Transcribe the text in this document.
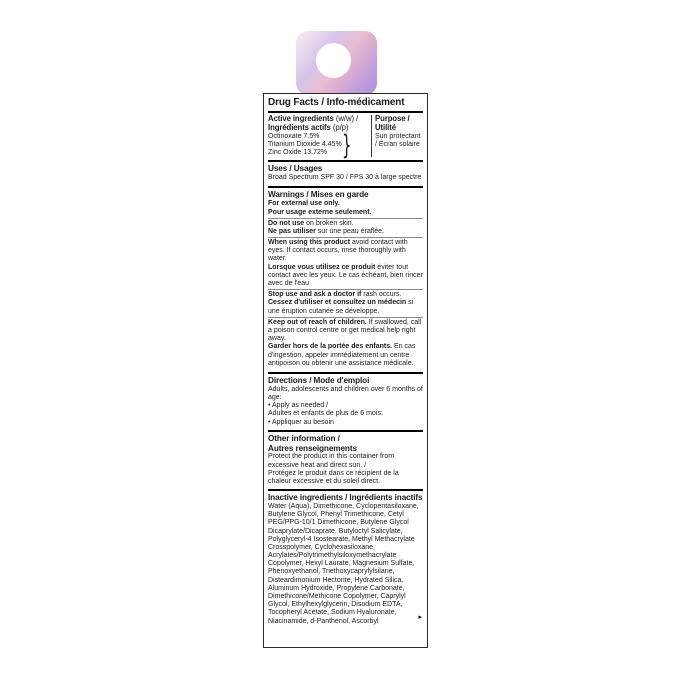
Drug Facts / Info-médicament

Active ingredients (w/w) /

Ingrédients actifs (p/p)

Octinoxate 7.5%

Titanium Dioxide 4.45%

Zinc Oxide 13.72% }

Purpose / Utilité

Sun protectant / Écran solaire

Uses / Usages

Broad Spectrum SPF 30 / FPS 30 à large spectre

Warnings / Mises en garde

For external use only.

Pour usage externe seulement.

Do not use on broken skin.

Ne pas utiliser sur une peau éraflée.

When using this product avoid contact with eyes. If contact occurs, rinse thoroughly with water.

Lorsque vous utilisez ce produit éviter tout contact avec les yeux. Le cas échéant, bien rincer avec de l'eau

Stop use and ask a doctor if rash occurs.

Cessez d'utiliser et consultez un médecin si une éruption cutanée se développe.

Keep out of reach of children. If swallowed, call a poison control centre or get medical help right away.

Garder hors de la portée des enfants. En cas d'ingestion, appeler immédiatement un centre antipoison ou obtenir une assistance médicale.

Directions / Mode d'emploi

Adults, adolescents and children over 6 months of age:

• Apply as needed /

Adultes et enfants de plus de 6 mois:

• Appliquer au besoin

Other information /

Autres renseignements

Protect the product in this container from excessive heat and direct sun. /

Protégez le produit dans ce récipient de la chaleur excessive et du soleil direct.

Inactive ingredients / Ingrédients inactifs

Water (Aqua), Dimethicone, Cyclopentasiloxane, Butylene Glycol, Phenyl Trimethicone, Cetyl PEG/PPG-10/1 Dimethicone, Butylene Glycol Dicaprylate/Dicaprate, Butyloctyl Salicylate, Polyglyceryl-4 Isostearate, Methyl Methacrylate Crosspolymer, Cyclohexasiloxane, Acrylates/Polytrimethylsiloxymethacrylate Copolymer, Hexyl Laurate, Magnesium Sulfate, Phenoxyethanol, Triethoxycaprylylsilane, Disteardimonium Hectorite, Hydrated Silica, Aluminum Hydroxide, Propylene Carbonate, Dimethicone/Methicone Copolymer, Caprylyl Glycol, Ethylhexylglycerin, Disodium EDTA, Tocopheryl Acetate, Sodium Hyaluronate, Niacinamide, d-Panthenol, Ascorbyl

▸
